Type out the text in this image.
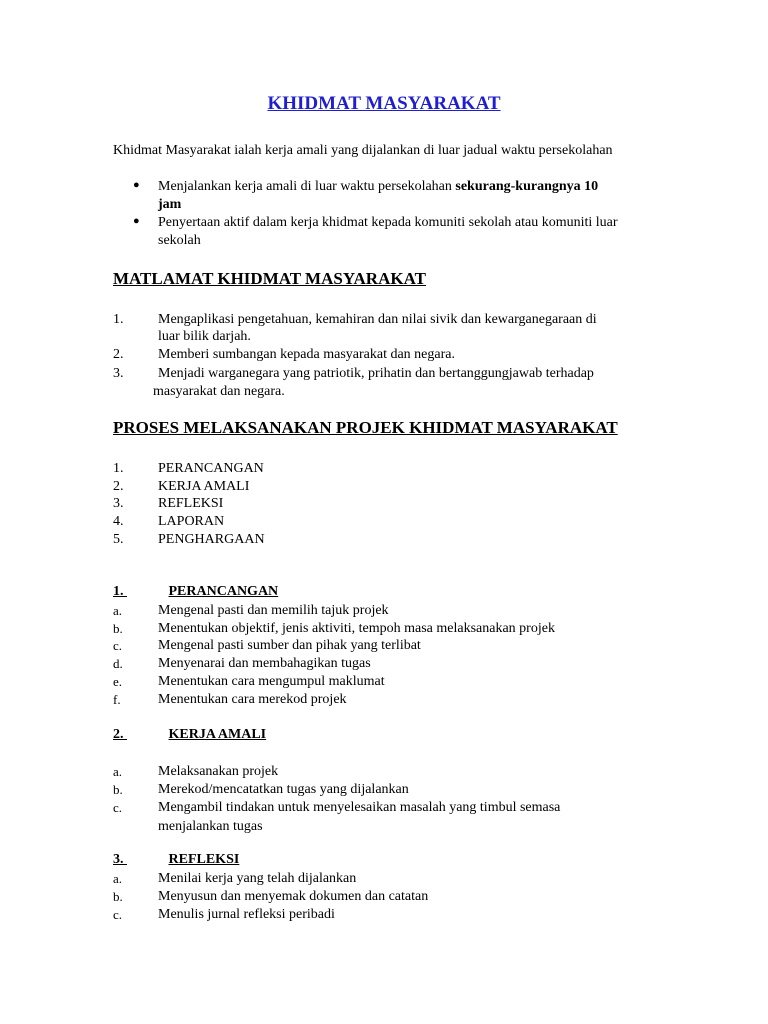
KHIDMAT MASYARAKAT
Khidmat Masyarakat ialah kerja amali yang dijalankan di luar jadual waktu persekolahan
● Menjalankan kerja amali di luar waktu persekolahan sekurang-kurangnya 10
jam
● Penyertaan aktif dalam kerja khidmat kepada komuniti sekolah atau komuniti luar
sekolah
MATLAMAT KHIDMAT MASYARAKAT
1. Mengaplikasi pengetahuan, kemahiran dan nilai sivik dan kewarganegaraan di
luar bilik darjah.
2. Memberi sumbangan kepada masyarakat dan negara.
3. Menjadi warganegara yang patriotik, prihatin dan bertanggungjawab terhadap
masyarakat dan negara.
PROSES MELAKSANAKAN PROJEK KHIDMAT MASYARAKAT
1. PERANCANGAN
2. KERJA AMALI
3. REFLEKSI
4. LAPORAN
5. PENGHARGAAN
1.	PERANCANGAN
a.	Mengenal pasti dan memilih tajuk projek
b.	Menentukan objektif, jenis aktiviti, tempoh masa melaksanakan projek
c.	Mengenal pasti sumber dan pihak yang terlibat
d.	Menyenarai dan membahagikan tugas
e.	Menentukan cara mengumpul maklumat
f.	Menentukan cara merekod projek
2.	KERJA AMALI
a.	Melaksanakan projek
b.	Merekod/mencatatkan tugas yang dijalankan
c.	Mengambil tindakan untuk menyelesaikan masalah yang timbul semasa
menjalankan tugas
3.	REFLEKSI
a.	Menilai kerja yang telah dijalankan
b.	Menyusun dan menyemak dokumen dan catatan
c.	Menulis jurnal refleksi peribadi
